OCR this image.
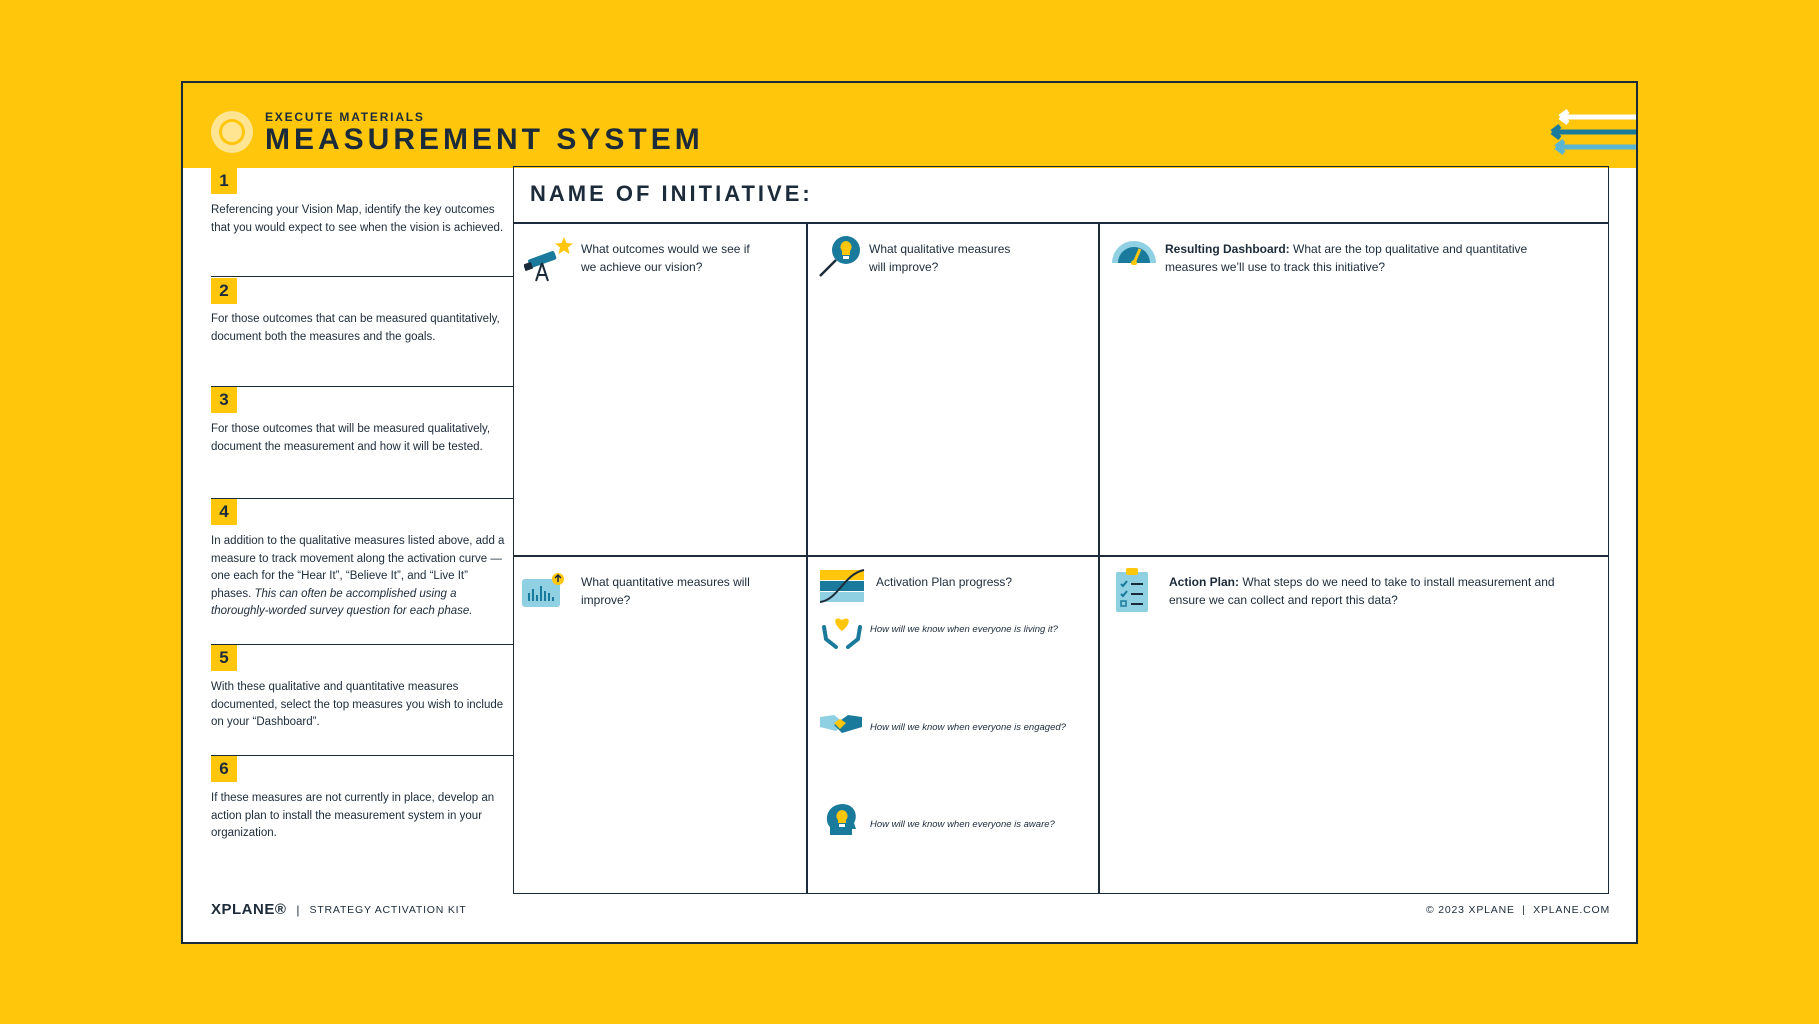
EXECUTE MATERIALS
MEASUREMENT SYSTEM
1
Referencing your Vision Map, identify the key outcomes that you would expect to see when the vision is achieved.
2
For those outcomes that can be measured quantitatively, document both the measures and the goals.
3
For those outcomes that will be measured qualitatively, document the measurement and how it will be tested.
4
In addition to the qualitative measures listed above, add a measure to track movement along the activation curve — one each for the “Hear It”, “Believe It”, and “Live It” phases. This can often be accomplished using a thoroughly-worded survey question for each phase.
5
With these qualitative and quantitative measures documented, select the top measures you wish to include on your “Dashboard”.
6
If these measures are not currently in place, develop an action plan to install the measurement system in your organization.
NAME OF INITIATIVE:
What outcomes would we see if we achieve our vision?
What qualitative measures will improve?
Resulting Dashboard: What are the top qualitative and quantitative measures we’ll use to track this initiative?
What quantitative measures will improve?
Activation Plan progress?
How will we know when everyone is living it?
How will we know when everyone is engaged?
How will we know when everyone is aware?
Action Plan: What steps do we need to take to install measurement and ensure we can collect and report this data?
XPLANE® | STRATEGY ACTIVATION KIT	© 2023 XPLANE  |  XPLANE.COM
